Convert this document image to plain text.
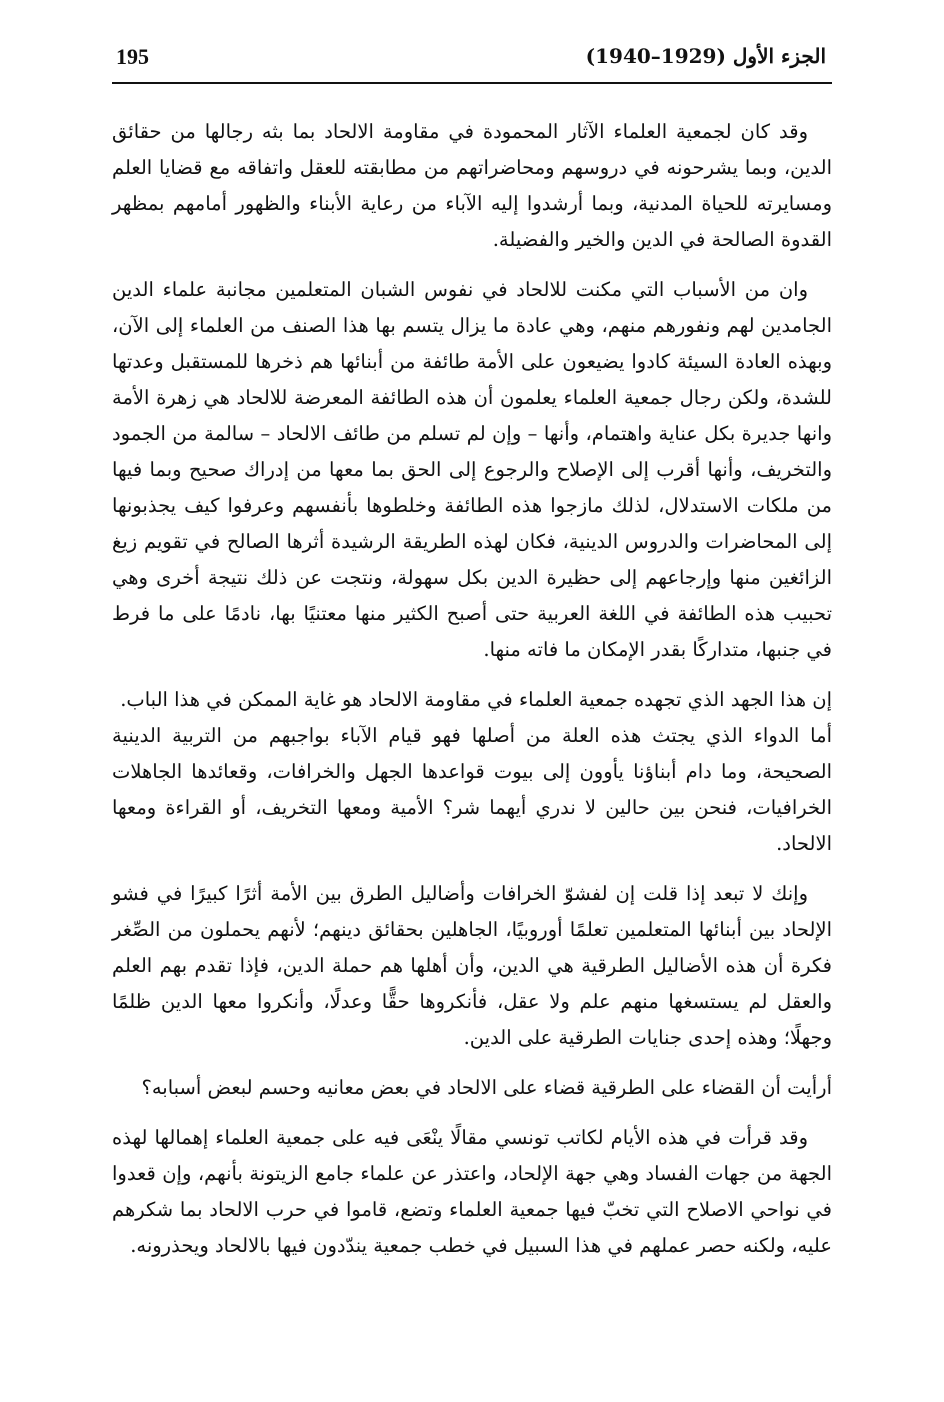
195	الجزء الأول (1929–1940)

وقد كان لجمعية العلماء الآثار المحمودة في مقاومة الالحاد بما بثه رجالها من حقائق الدين، وبما يشرحونه في دروسهم ومحاضراتهم من مطابقته للعقل واتفاقه مع قضايا العلم ومسايرته للحياة المدنية، وبما أرشدوا إليه الآباء من رعاية الأبناء والظهور أمامهم بمظهر القدوة الصالحة في الدين والخير والفضيلة.

وان من الأسباب التي مكنت للالحاد في نفوس الشبان المتعلمين مجانبة علماء الدين الجامدين لهم ونفورهم منهم، وهي عادة ما يزال يتسم بها هذا الصنف من العلماء إلى الآن، وبهذه العادة السيئة كادوا يضيعون على الأمة طائفة من أبنائها هم ذخرها للمستقبل وعدتها للشدة، ولكن رجال جمعية العلماء يعلمون أن هذه الطائفة المعرضة للالحاد هي زهرة الأمة وانها جديرة بكل عناية واهتمام، وأنها – وإن لم تسلم من طائف الالحاد – سالمة من الجمود والتخريف، وأنها أقرب إلى الإصلاح والرجوع إلى الحق بما معها من إدراك صحيح وبما فيها من ملكات الاستدلال، لذلك مازجوا هذه الطائفة وخلطوها بأنفسهم وعرفوا كيف يجذبونها إلى المحاضرات والدروس الدينية، فكان لهذه الطريقة الرشيدة أثرها الصالح في تقويم زيغ الزائغين منها وإرجاعهم إلى حظيرة الدين بكل سهولة، ونتجت عن ذلك نتيجة أخرى وهي تحبيب هذه الطائفة في اللغة العربية حتى أصبح الكثير منها معتنيًا بها، نادمًا على ما فرط في جنبها، متداركًا بقدر الإمكان ما فاته منها.

إن هذا الجهد الذي تجهده جمعية العلماء في مقاومة الالحاد هو غاية الممكن في هذا الباب.

أما الدواء الذي يجتث هذه العلة من أصلها فهو قيام الآباء بواجبهم من التربية الدينية الصحيحة، وما دام أبناؤنا يأوون إلى بيوت قواعدها الجهل والخرافات، وقعائدها الجاهلات الخرافيات، فنحن بين حالين لا ندري أيهما شر؟ الأمية ومعها التخريف، أو القراءة ومعها الالحاد.

وإنك لا تبعد إذا قلت إن لفشوّ الخرافات وأضاليل الطرق بين الأمة أثرًا كبيرًا في فشو الإلحاد بين أبنائها المتعلمين تعلمًا أوروبيًا، الجاهلين بحقائق دينهم؛ لأنهم يحملون من الصِّغر فكرة أن هذه الأضاليل الطرقية هي الدين، وأن أهلها هم حملة الدين، فإذا تقدم بهم العلم والعقل لم يستسغها منهم علم ولا عقل، فأنكروها حقًّا وعدلًا، وأنكروا معها الدين ظلمًا وجهلًا؛ وهذه إحدى جنايات الطرقية على الدين.

أرأيت أن القضاء على الطرقية قضاء على الالحاد في بعض معانيه وحسم لبعض أسبابه؟

وقد قرأت في هذه الأيام لكاتب تونسي مقالًا ينْعَى فيه على جمعية العلماء إهمالها لهذه الجهة من جهات الفساد وهي جهة الإلحاد، واعتذر عن علماء جامع الزيتونة بأنهم، وإن قعدوا في نواحي الاصلاح التي تخبّ فيها جمعية العلماء وتضع، قاموا في حرب الالحاد بما شكرهم عليه، ولكنه حصر عملهم في هذا السبيل في خطب جمعية يندّدون فيها بالالحاد ويحذرونه.
